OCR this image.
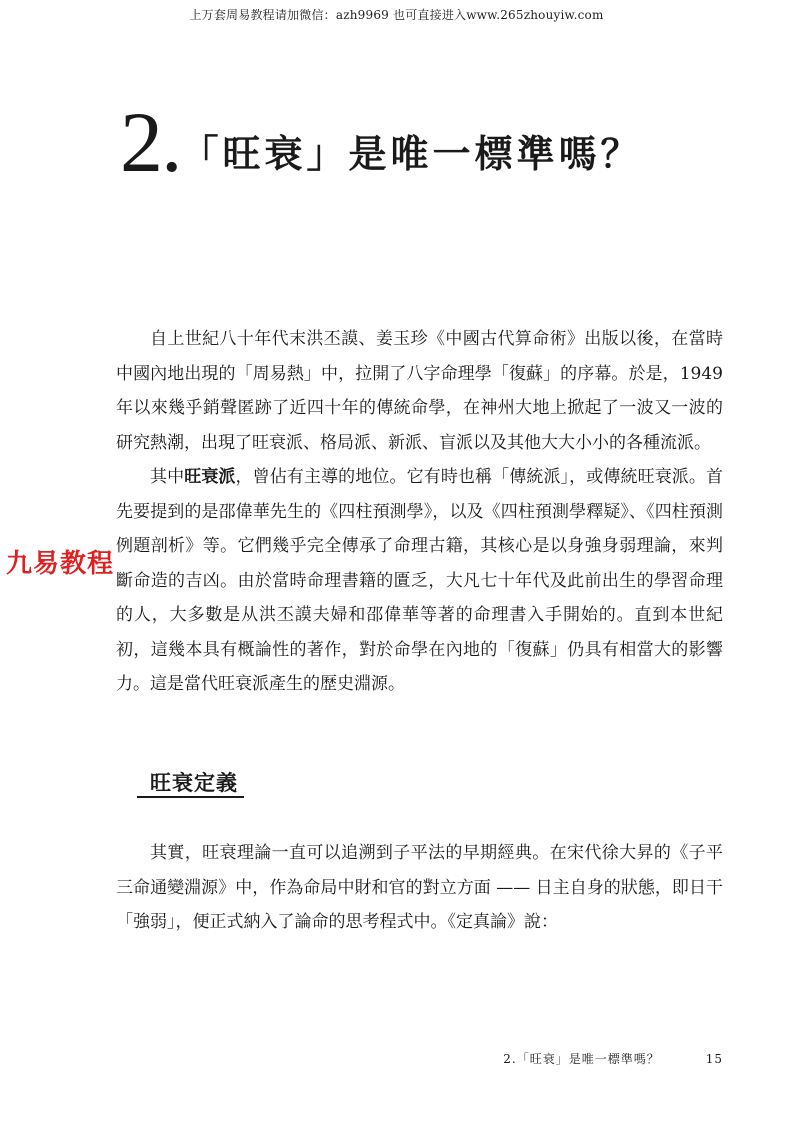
上万套周易教程请加微信：azh9969 也可直接进入www.265zhouyiw.com
2.「旺衰」是唯一標準嗎？

自上世紀八十年代末洪丕謨、姜玉珍《中國古代算命術》出版以後，在當時中國內地出現的「周易熱」中，拉開了八字命理學「復蘇」的序幕。於是，1949 年以來幾乎銷聲匿跡了近四十年的傳統命學，在神州大地上掀起了一波又一波的研究熱潮，出現了旺衰派、格局派、新派、盲派以及其他大大小小的各種流派。

其中旺衰派，曾佔有主導的地位。它有時也稱「傳統派」，或傳統旺衰派。首先要提到的是邵偉華先生的《四柱預測學》，以及《四柱預測學釋疑》、《四柱預測例題剖析》等。它們幾乎完全傳承了命理古籍，其核心是以身強身弱理論，來判斷命造的吉凶。由於當時命理書籍的匱乏，大凡七十年代及此前出生的學習命理的人，大多數是从洪丕謨夫婦和邵偉華等著的命理書入手開始的。直到本世紀初，這幾本具有概論性的著作，對於命學在內地的「復蘇」仍具有相當大的影響力。這是當代旺衰派產生的歷史淵源。

旺衰定義

其實，旺衰理論一直可以追溯到子平法的早期經典。在宋代徐大昇的《子平三命通變淵源》中，作為命局中財和官的對立方面 —— 日主自身的狀態，即日干「強弱」，便正式納入了論命的思考程式中。《定真論》說：

九易教程
2.「旺衰」是唯一標準嗎？	15
